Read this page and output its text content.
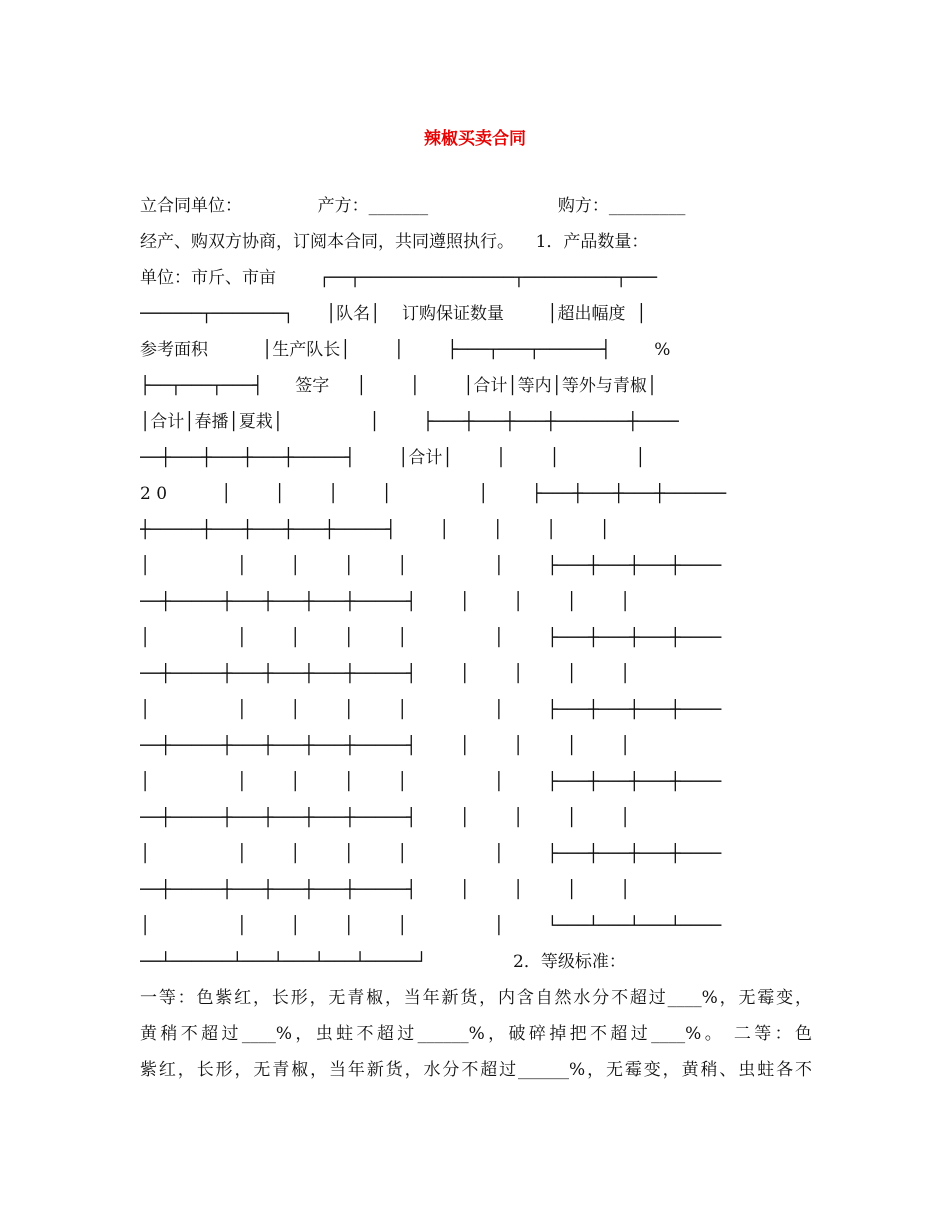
辣椒买卖合同
立合同单位：              产方：_______                        购方：_________
经产、购双方协商，订阅本合同，共同遵照执行。    1．产品数量：
单位：市斤、市亩        ┌──┬───────────────┬─────────┬───
──────┬───────┐      │队名│    订购保证数量        │超出幅度  │
参考面积          │生产队长│        │        ├───┬───┬──────┤        %
├──┬───┬───┤      签字     │        │        │合计│等内│等外与青椒│
│合计│春播│夏栽│                │        ├───┼───┼───┼───────┼────
──┼───┼───┼───┼─────┤        │合计│        │        │              │
2 0          │        │        │        │                │        ├───┼───┼───┼──────
┼─────┼───┼───┼───┼─────┤        │        │        │        │
│                │        │        │        │                │        ├───┼───┼───┼────
──┼─────┼───┼───┼───┼─────┤        │        │        │        │
│                │        │        │        │                │        ├───┼───┼───┼────
──┼─────┼───┼───┼───┼─────┤        │        │        │        │
│                │        │        │        │                │        ├───┼───┼───┼────
──┼─────┼───┼───┼───┼─────┤        │        │        │        │
│                │        │        │        │                │        ├───┼───┼───┼────
──┼─────┼───┼───┼───┼─────┤        │        │        │        │
│                │        │        │        │                │        ├───┼───┼───┼────
──┼─────┼───┼───┼───┼─────┤        │        │        │        │
│                │        │        │        │                │        └───┴───┴───┴────
──┴──────┴───┴───┴───┴─────┘                2．等级标准：
一等：色紫红，长形，无青椒，当年新货，内含自然水分不超过____%，无霉变，
黄稍不超过____%，虫蛀不超过______%，破碎掉把不超过____%。 二等：色
紫红，长形，无青椒，当年新货，水分不超过______%，无霉变，黄稍、虫蛀各不
